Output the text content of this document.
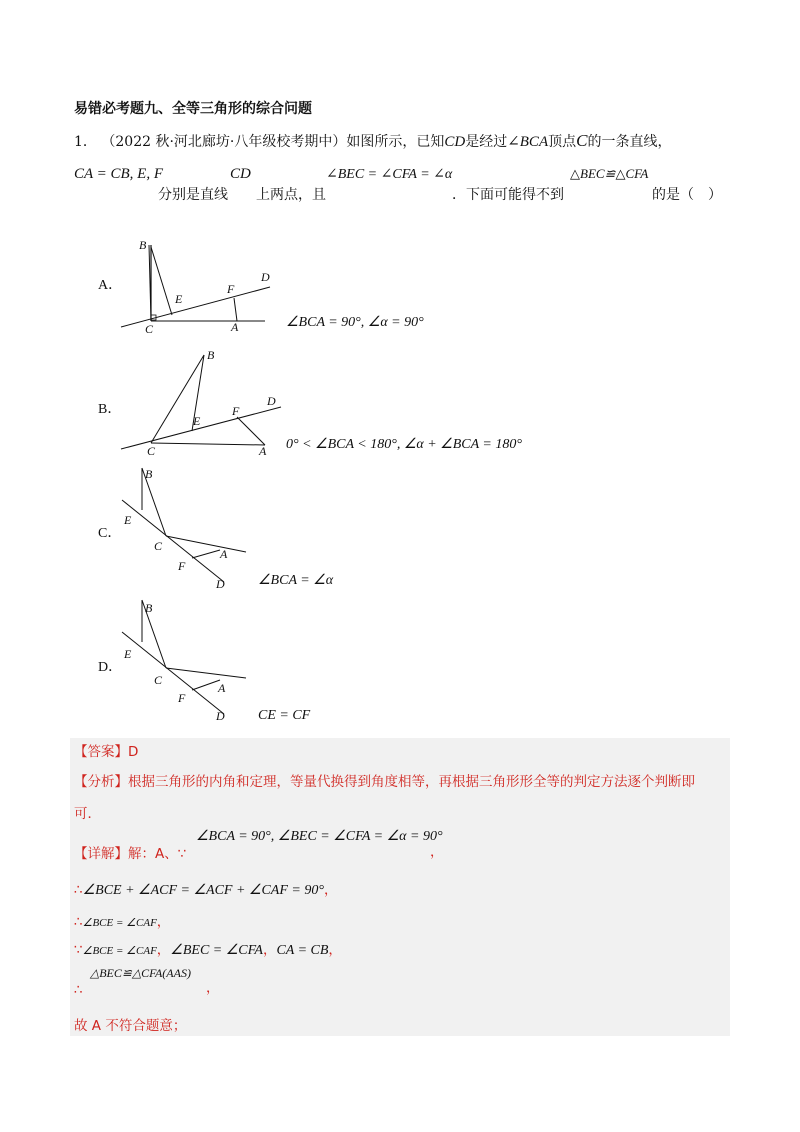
易错必考题九、全等三角形的综合问题
1． （2022 秋·河北廊坊·八年级校考期中）如图所示，已知CD是经过∠BCA顶点C的一条直线，
CA = CB, E, F
分别是直线
CD
上两点，且
∠BEC = ∠CFA = ∠α
．下面可能得不到
△BEC≌△CFA
的是（　）
A．
B
C
E
F
A
D
∠BCA = 90°, ∠α = 90°
B．
B
C
E
F
A
D
0° < ∠BCA < 180°, ∠α + ∠BCA = 180°
C．
B
E
C
A
F
D ∠BCA = ∠α
D．
B
E
C
A
F
D CE = CF
【答案】D
【分析】根据三角形的内角和定理，等量代换得到角度相等，再根据三角形形全等的判定方法逐个判断即
可．
【详解】解：A、∵
∠BCA = 90°, ∠BEC = ∠CFA = ∠α = 90°
，
∴∠BCE + ∠ACF = ∠ACF + ∠CAF = 90°，
∴∠BCE = ∠CAF，
∵∠BCE = ∠CAF，∠BEC = ∠CFA，CA = CB，
△BEC≌△CFA(AAS)
∴	，
故 A 不符合题意；
